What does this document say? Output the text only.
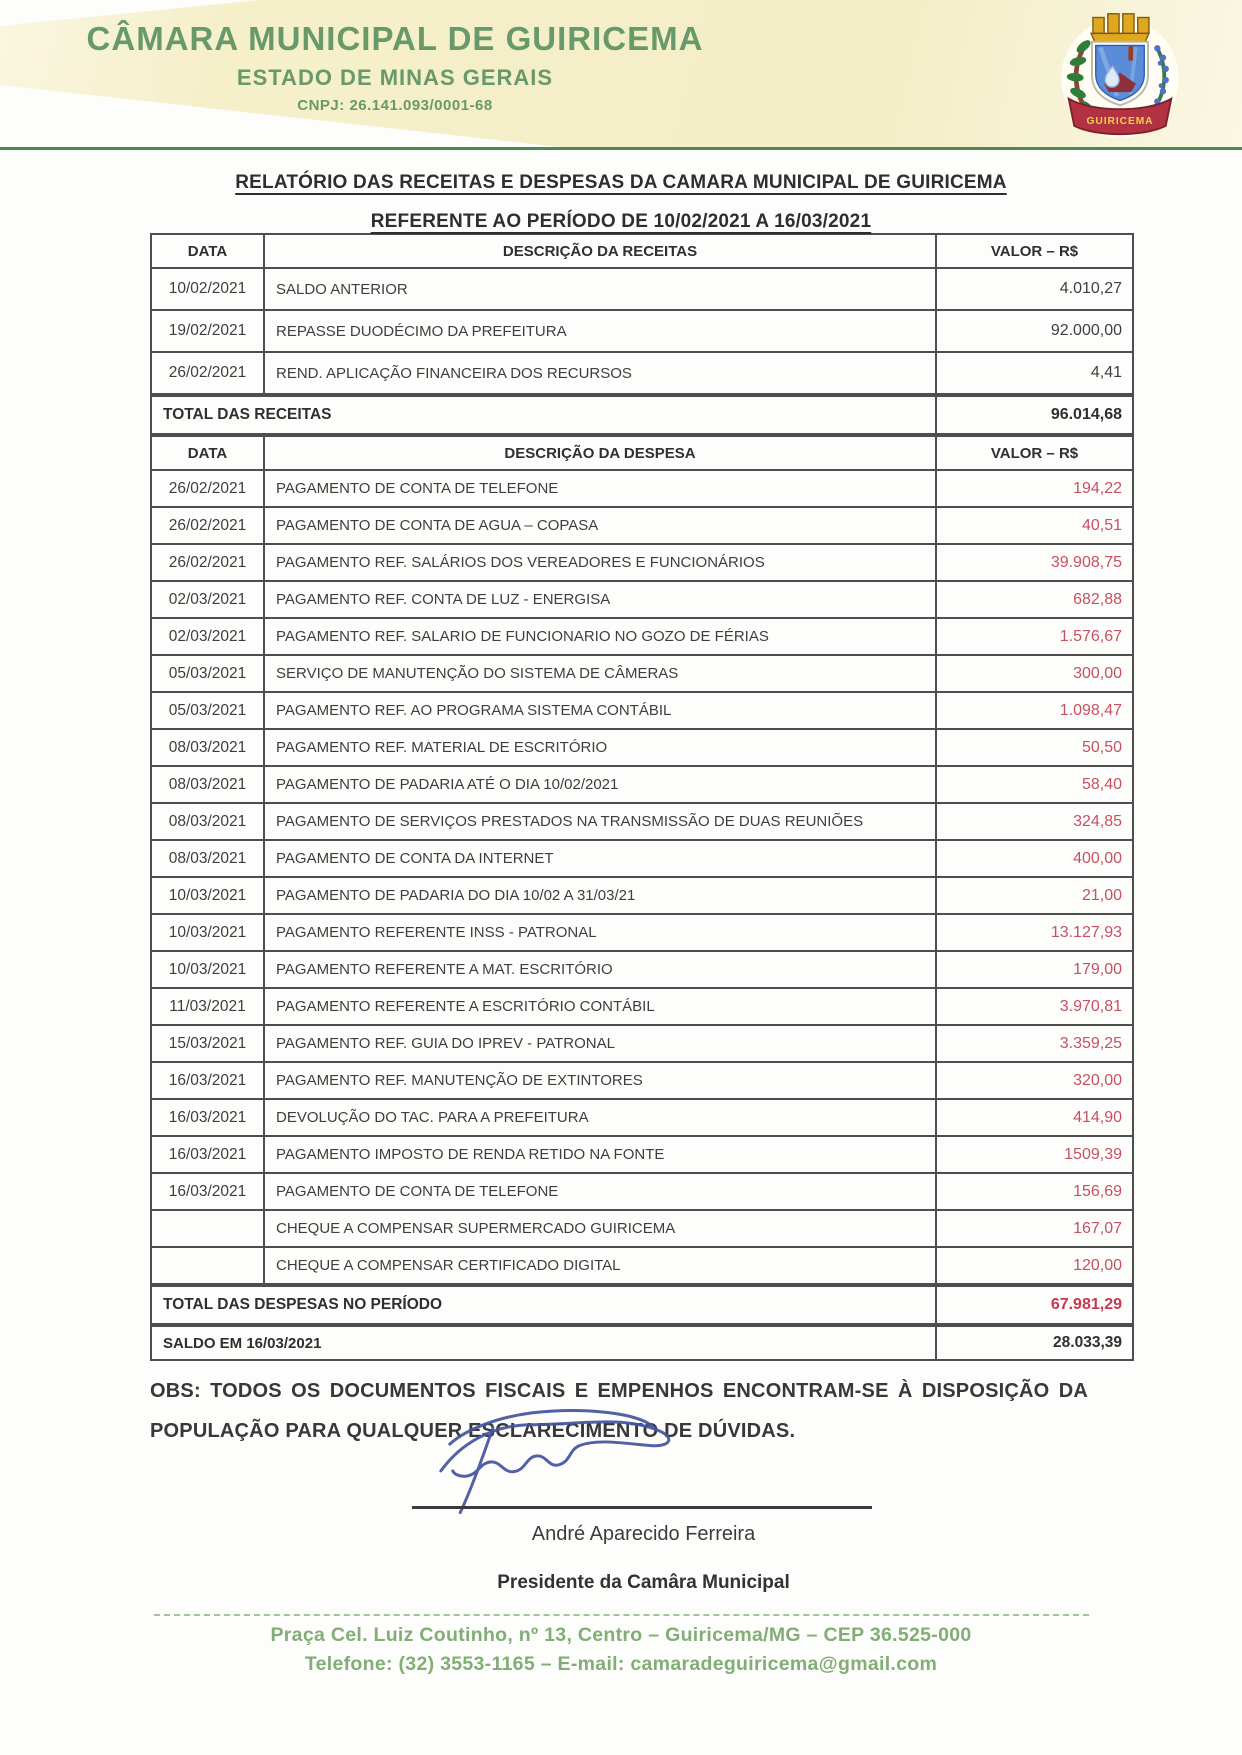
CÂMARA MUNICIPAL DE GUIRICEMA
ESTADO DE MINAS GERAIS
CNPJ: 26.141.093/0001-68
GUIRICEMA
RELATÓRIO DAS RECEITAS E DESPESAS DA CAMARA MUNICIPAL DE GUIRICEMA
REFERENTE AO PERÍODO DE 10/02/2021 A 16/03/2021
DATA	DESCRIÇÃO DA RECEITAS	VALOR – R$
10/02/2021	SALDO ANTERIOR	4.010,27
19/02/2021	REPASSE DUODÉCIMO DA PREFEITURA	92.000,00
26/02/2021	REND. APLICAÇÃO FINANCEIRA DOS RECURSOS	4,41
TOTAL DAS RECEITAS	96.014,68
DATA	DESCRIÇÃO DA DESPESA	VALOR – R$
26/02/2021	PAGAMENTO DE CONTA DE TELEFONE	194,22
26/02/2021	PAGAMENTO DE CONTA DE AGUA – COPASA	40,51
26/02/2021	PAGAMENTO REF. SALÁRIOS DOS VEREADORES E FUNCIONÁRIOS	39.908,75
02/03/2021	PAGAMENTO REF. CONTA DE LUZ - ENERGISA	682,88
02/03/2021	PAGAMENTO REF. SALARIO DE FUNCIONARIO NO GOZO DE FÉRIAS	1.576,67
05/03/2021	SERVIÇO DE MANUTENÇÃO DO SISTEMA DE CÂMERAS	300,00
05/03/2021	PAGAMENTO REF. AO PROGRAMA SISTEMA CONTÁBIL	1.098,47
08/03/2021	PAGAMENTO REF. MATERIAL DE ESCRITÓRIO	50,50
08/03/2021	PAGAMENTO DE PADARIA ATÉ O DIA 10/02/2021	58,40
08/03/2021	PAGAMENTO DE SERVIÇOS PRESTADOS NA TRANSMISSÃO DE DUAS REUNIÕES	324,85
08/03/2021	PAGAMENTO DE CONTA DA INTERNET	400,00
10/03/2021	PAGAMENTO DE PADARIA DO DIA 10/02 A 31/03/21	21,00
10/03/2021	PAGAMENTO REFERENTE INSS - PATRONAL	13.127,93
10/03/2021	PAGAMENTO REFERENTE A MAT. ESCRITÓRIO	179,00
11/03/2021	PAGAMENTO REFERENTE A ESCRITÓRIO CONTÁBIL	3.970,81
15/03/2021	PAGAMENTO REF. GUIA DO IPREV - PATRONAL	3.359,25
16/03/2021	PAGAMENTO REF. MANUTENÇÃO DE EXTINTORES	320,00
16/03/2021	DEVOLUÇÃO DO TAC. PARA A PREFEITURA	414,90
16/03/2021	PAGAMENTO IMPOSTO DE RENDA RETIDO NA FONTE	1509,39
16/03/2021	PAGAMENTO DE CONTA DE TELEFONE	156,69
	CHEQUE A COMPENSAR SUPERMERCADO GUIRICEMA	167,07
	CHEQUE A COMPENSAR CERTIFICADO DIGITAL	120,00
TOTAL DAS DESPESAS NO PERÍODO	67.981,29
SALDO EM 16/03/2021	28.033,39

OBS: TODOS OS DOCUMENTOS FISCAIS E EMPENHOS ENCONTRAM-SE À DISPOSIÇÃO DA POPULAÇÃO PARA QUALQUER ESCLARECIMENTO DE DÚVIDAS.

André Aparecido Ferreira
Presidente da Camâra Municipal
Praça Cel. Luiz Coutinho, nº 13, Centro – Guiricema/MG – CEP 36.525-000
Telefone: (32) 3553-1165 – E-mail: camaradeguiricema@gmail.com
